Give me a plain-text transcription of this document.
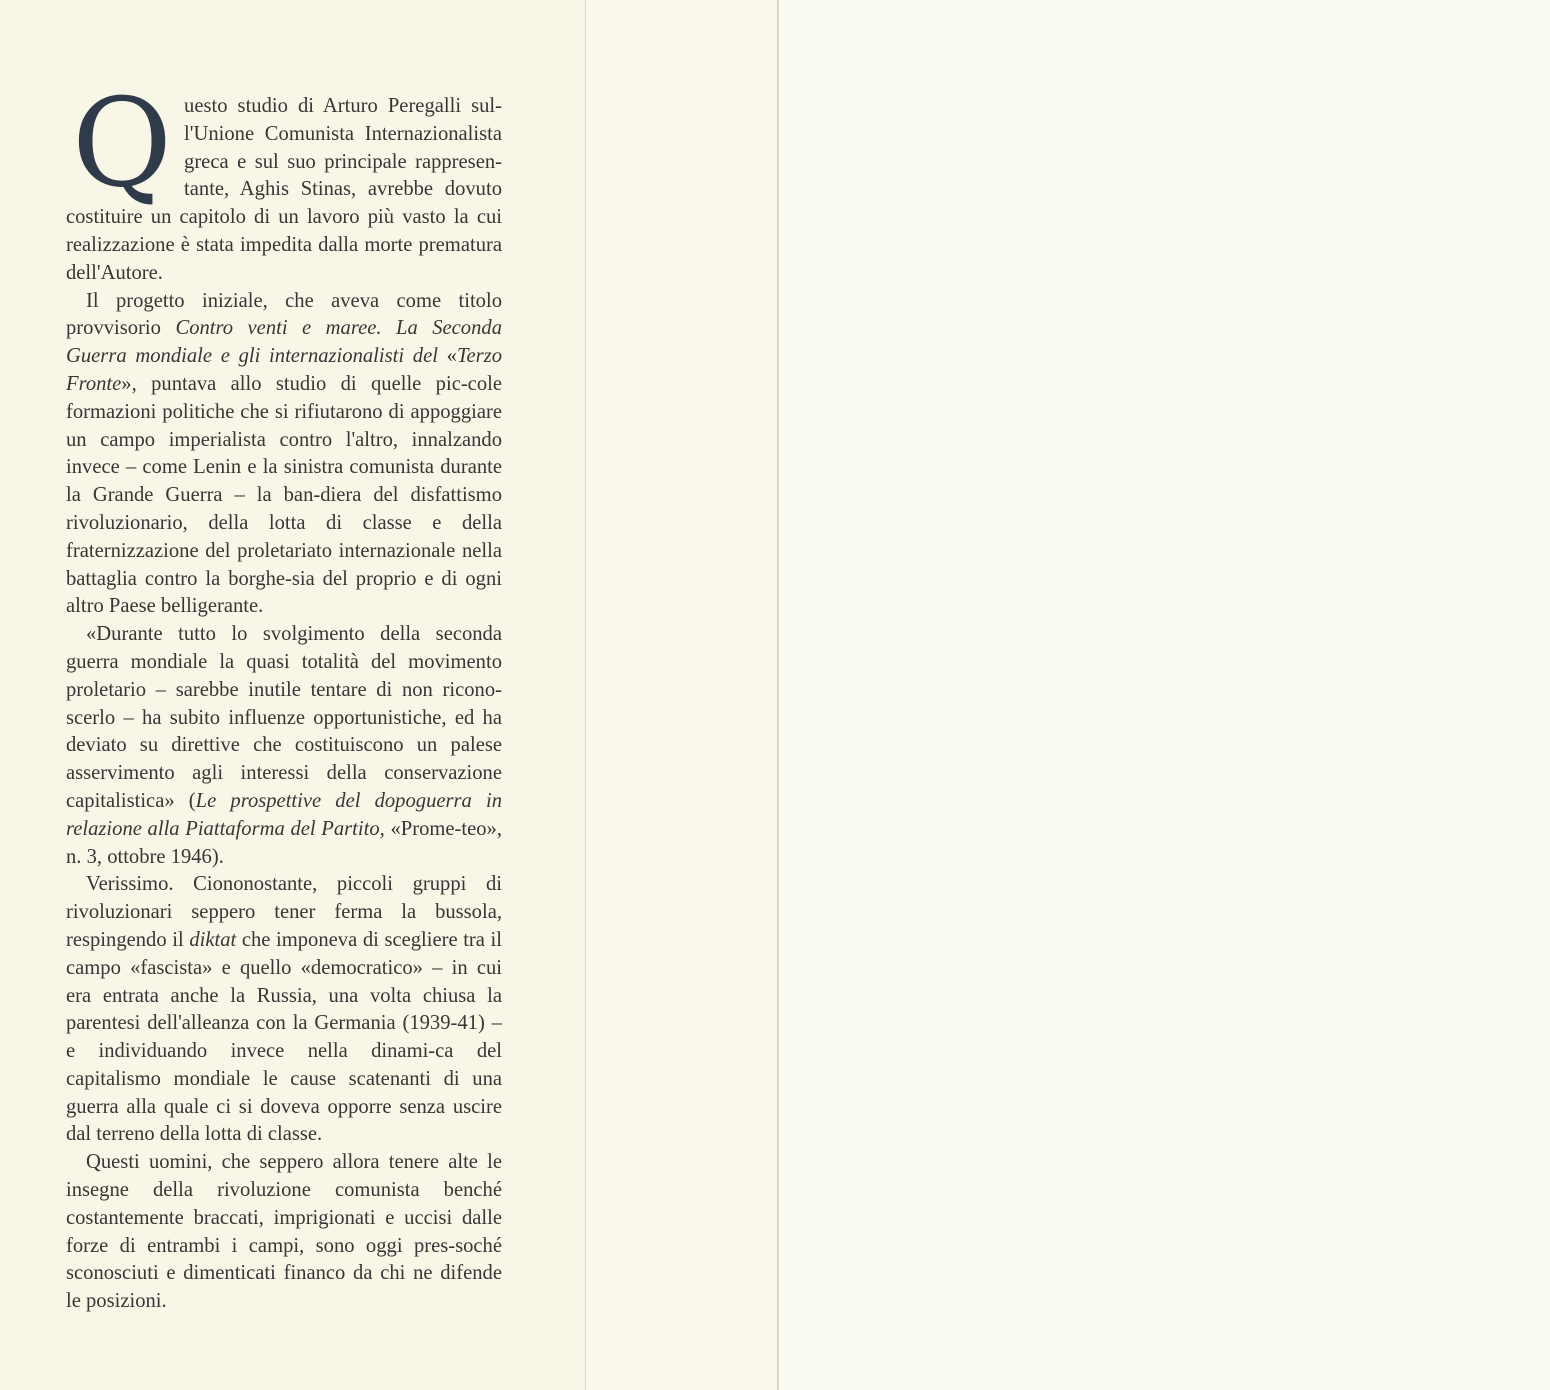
Questo studio di Arturo Peregalli sul-l'Unione Comunista Internazionalista greca e sul suo principale rappresen-tante, Aghis Stinas, avrebbe dovuto costituire un capitolo di un lavoro più vasto la cui realizzazione è stata impedita dalla morte prematura dell'Autore.

Il progetto iniziale, che aveva come titolo provvisorio Contro venti e maree. La Seconda Guerra mondiale e gli internazionalisti del «Terzo Fronte», puntava allo studio di quelle pic-cole formazioni politiche che si rifiutarono di appoggiare un campo imperialista contro l'altro, innalzando invece – come Lenin e la sinistra comunista durante la Grande Guerra – la ban-diera del disfattismo rivoluzionario, della lotta di classe e della fraternizzazione del proletariato internazionale nella battaglia contro la borghe-sia del proprio e di ogni altro Paese belligerante.

«Durante tutto lo svolgimento della seconda guerra mondiale la quasi totalità del movimento proletario – sarebbe inutile tentare di non ricono-scerlo – ha subito influenze opportunistiche, ed ha deviato su direttive che costituiscono un palese asservimento agli interessi della conservazione capitalistica» (Le prospettive del dopoguerra in relazione alla Piattaforma del Partito, «Prome-teo», n. 3, ottobre 1946).

Verissimo. Ciononostante, piccoli gruppi di rivoluzionari seppero tener ferma la bussola, respingendo il diktat che imponeva di scegliere tra il campo «fascista» e quello «democratico» – in cui era entrata anche la Russia, una volta chiusa la parentesi dell'alleanza con la Germania (1939-41) – e individuando invece nella dinami-ca del capitalismo mondiale le cause scatenanti di una guerra alla quale ci si doveva opporre senza uscire dal terreno della lotta di classe.

Questi uomini, che seppero allora tenere alte le insegne della rivoluzione comunista benché costantemente braccati, imprigionati e uccisi dalle forze di entrambi i campi, sono oggi pres-soché sconosciuti e dimenticati financo da chi ne difende le posizioni.
